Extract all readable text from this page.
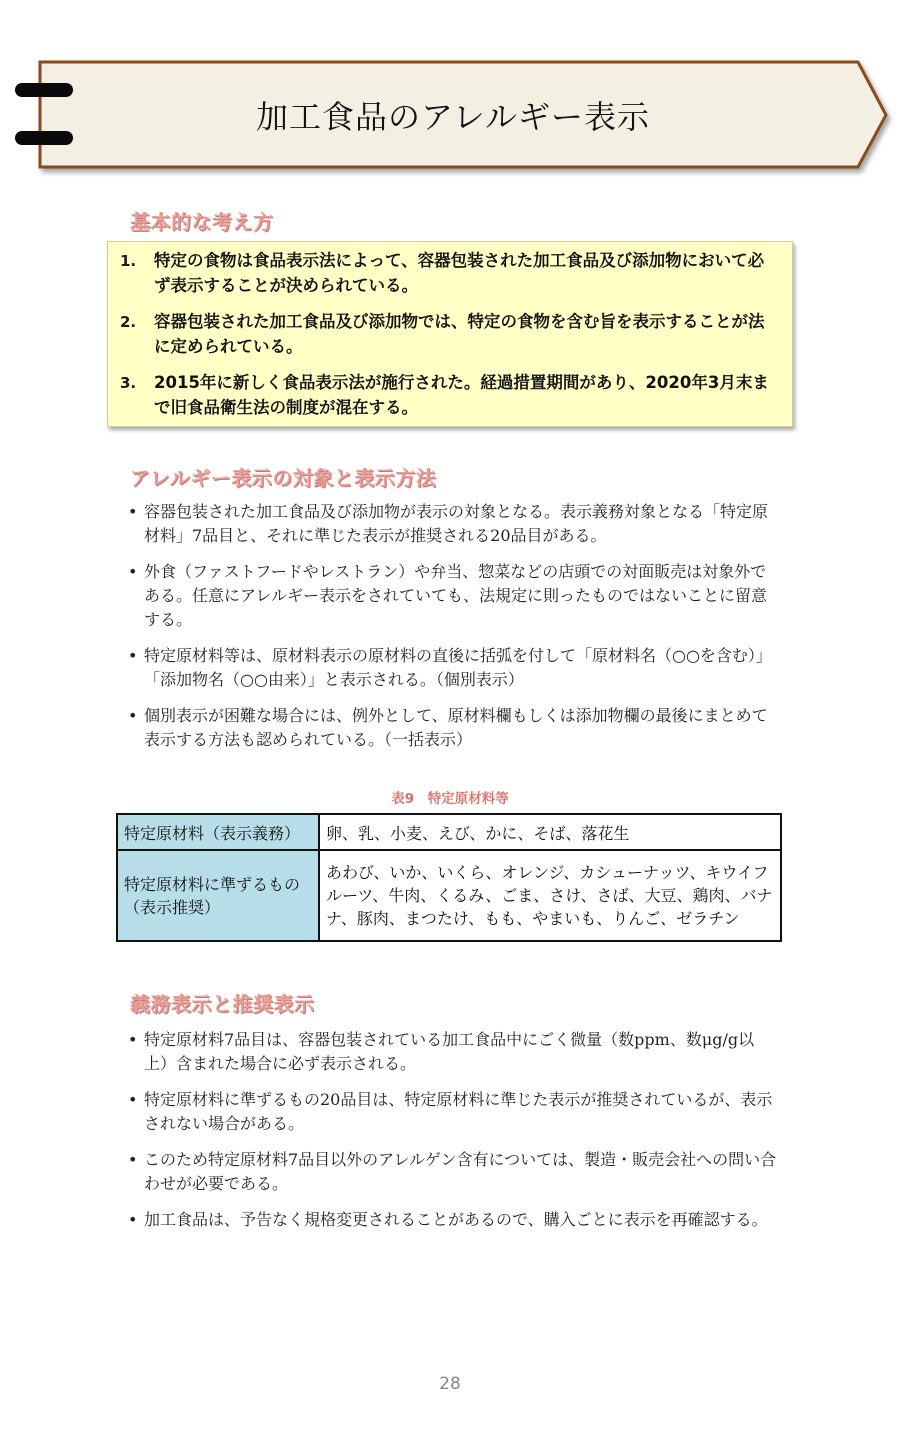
加工食品のアレルギー表示
基本的な考え方
1.	特定の食物は食品表示法によって、容器包装された加工食品及び添加物において必ず表示することが決められている。
2.	容器包装された加工食品及び添加物では、特定の食物を含む旨を表示することが法に定められている。
3.	2015年に新しく食品表示法が施行された。経過措置期間があり、2020年3月末まで旧食品衛生法の制度が混在する。
アレルギー表示の対象と表示方法
• 容器包装された加工食品及び添加物が表示の対象となる。表示義務対象となる「特定原材料」7品目と、それに準じた表示が推奨される20品目がある。
• 外食（ファストフードやレストラン）や弁当、惣菜などの店頭での対面販売は対象外である。任意にアレルギー表示をされていても、法規定に則ったものではないことに留意する。
• 特定原材料等は、原材料表示の原材料の直後に括弧を付して「原材料名（○○を含む）」「添加物名（○○由来）」と表示される。（個別表示）
• 個別表示が困難な場合には、例外として、原材料欄もしくは添加物欄の最後にまとめて表示する方法も認められている。（一括表示）
表9　特定原材料等
特定原材料（表示義務）	卵、乳、小麦、えび、かに、そば、落花生
特定原材料に準ずるもの（表示推奨）	あわび、いか、いくら、オレンジ、カシューナッツ、キウイフルーツ、牛肉、くるみ、ごま、さけ、さば、大豆、鶏肉、バナナ、豚肉、まつたけ、もも、やまいも、りんご、ゼラチン
義務表示と推奨表示
• 特定原材料7品目は、容器包装されている加工食品中にごく微量（数ppm、数μg/g以上）含まれた場合に必ず表示される。
• 特定原材料に準ずるもの20品目は、特定原材料に準じた表示が推奨されているが、表示されない場合がある。
• このため特定原材料7品目以外のアレルゲン含有については、製造・販売会社への問い合わせが必要である。
• 加工食品は、予告なく規格変更されることがあるので、購入ごとに表示を再確認する。
28
